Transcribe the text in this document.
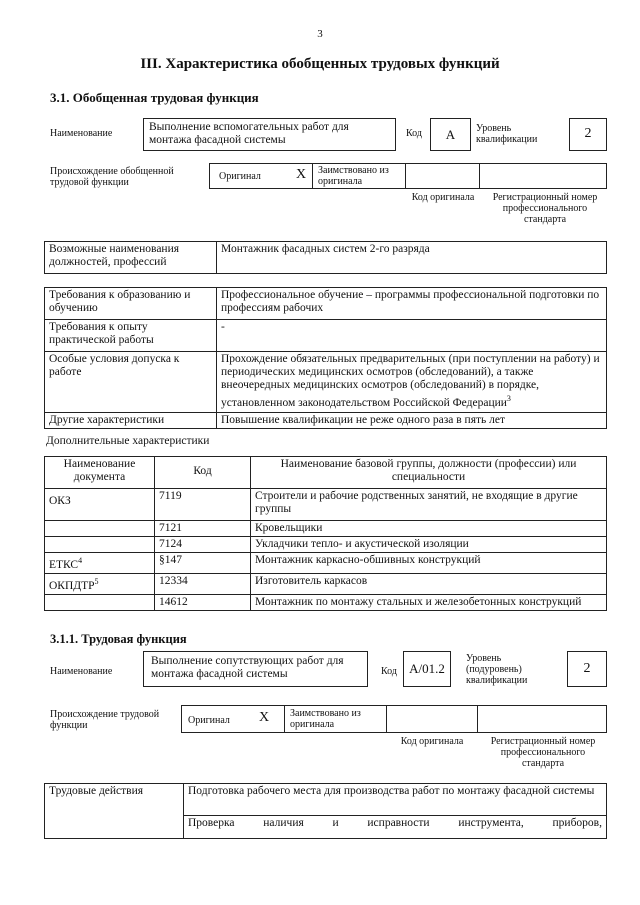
3
III. Характеристика обобщенных трудовых функций
3.1. Обобщенная трудовая функция
Наименование
Выполнение вспомогательных работ для монтажа фасадной системы
Код	А	Уровень квалификации	2
Происхождение обобщенной трудовой функции
Оригинал	X Заимствовано из оригинала
Код оригинала	Регистрационный номер профессионального стандарта
Возможные наименования должностей, профессий	Монтажник фасадных систем 2-го разряда
Требования к образованию и обучению	Профессиональное обучение – программы профессиональной подготовки по профессиям рабочих
Требования к опыту практической работы	-
Особые условия допуска к работе	Прохождение обязательных предварительных (при поступлении на работу) и периодических медицинских осмотров (обследований), а также внеочередных медицинских осмотров (обследований) в порядке, установленном законодательством Российской Федерации$^3$
Другие характеристики	Повышение квалификации не реже одного раза в пять лет
Дополнительные характеристики
Наименование документа	Код	Наименование базовой группы, должности (профессии) или специальности
ОКЗ	7119	Строители и рабочие родственных занятий, не входящие в другие группы
	7121	Кровельщики
	7124	Укладчики тепло- и акустической изоляции
ЕТКС$^4$	§147	Монтажник каркасно-обшивных конструкций
ОКПДТР$^5$	12334	Изготовитель каркасов
	14612	Монтажник по монтажу стальных и железобетонных конструкций
3.1.1. Трудовая функция
Наименование
Выполнение сопутствующих работ для монтажа фасадной системы	Код А/01.2
Уровень (подуровень) квалификации
2
Происхождение трудовой функции	Оригинал X Заимствовано из оригинала
Код оригинала	Регистрационный номер профессионального стандарта
Трудовые действия	Подготовка рабочего места для производства работ по монтажу фасадной системы
Проверка наличия и исправности инструмента, приборов,
